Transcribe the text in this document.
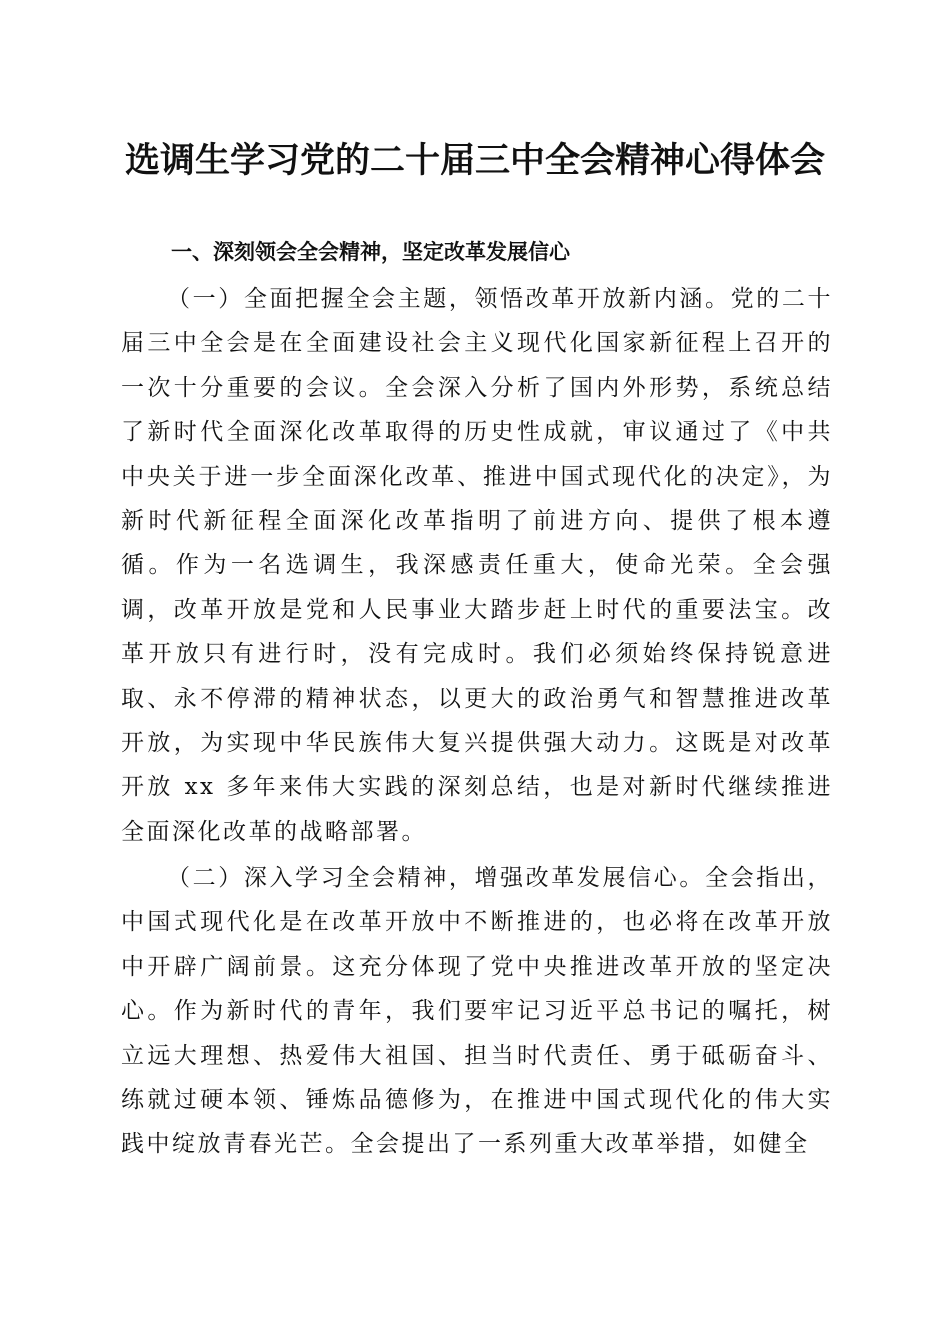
选调生学习党的二十届三中全会精神心得体会
一、深刻领会全会精神，坚定改革发展信心

（一）全面把握全会主题，领悟改革开放新内涵。党的二十届三中全会是在全面建设社会主义现代化国家新征程上召开的一次十分重要的会议。全会深入分析了国内外形势，系统总结了新时代全面深化改革取得的历史性成就，审议通过了《中共中央关于进一步全面深化改革、推进中国式现代化的决定》，为新时代新征程全面深化改革指明了前进方向、提供了根本遵循。作为一名选调生，我深感责任重大，使命光荣。全会强调，改革开放是党和人民事业大踏步赶上时代的重要法宝。改革开放只有进行时，没有完成时。我们必须始终保持锐意进取、永不停滞的精神状态，以更大的政治勇气和智慧推进改革开放，为实现中华民族伟大复兴提供强大动力。这既是对改革开放 xx 多年来伟大实践的深刻总结，也是对新时代继续推进全面深化改革的战略部署。

（二）深入学习全会精神，增强改革发展信心。全会指出，中国式现代化是在改革开放中不断推进的，也必将在改革开放中开辟广阔前景。这充分体现了党中央推进改革开放的坚定决心。作为新时代的青年，我们要牢记习近平总书记的嘱托，树立远大理想、热爱伟大祖国、担当时代责任、勇于砥砺奋斗、练就过硬本领、锤炼品德修为，在推进中国式现代化的伟大实践中绽放青春光芒。全会提出了一系列重大改革举措，如健全
